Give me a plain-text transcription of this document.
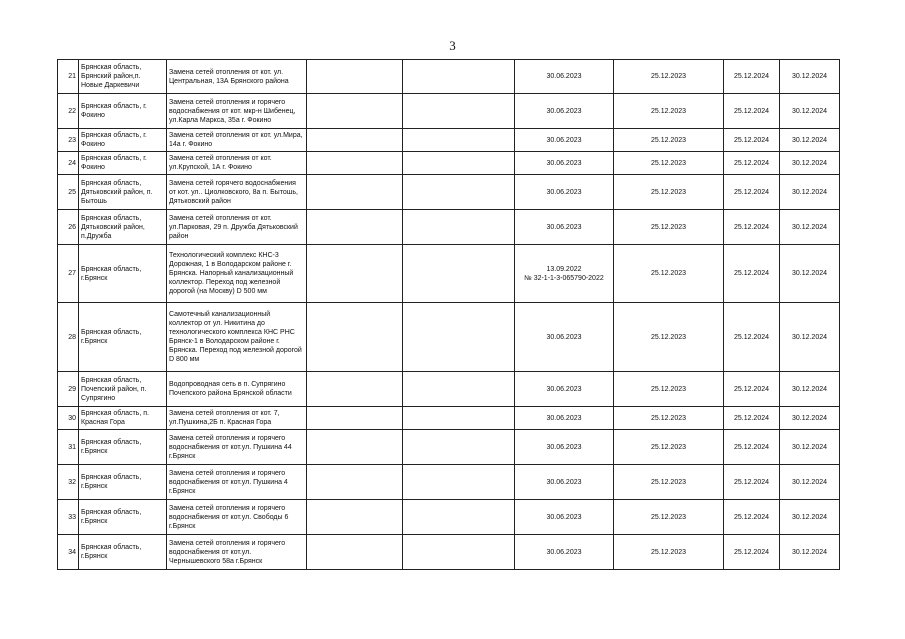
3
21	Брянская область, Брянский район,п. Новые Даркевичи	Замена сетей отопления от кот. ул. Центральная, 13А Брянского района			30.06.2023	25.12.2023	25.12.2024	30.12.2024
22	Брянская область, г. Фокино	Замена сетей отопления и горячего водоснабжения от кот. мкр-н Шибенец, ул.Карла Маркса, 35а г. Фокино			30.06.2023	25.12.2023	25.12.2024	30.12.2024
23	Брянская область, г. Фокино	Замена сетей отопления от кот. ул.Мира, 14а г. Фокино			30.06.2023	25.12.2023	25.12.2024	30.12.2024
24	Брянская область, г. Фокино	Замена сетей отопления от кот. ул.Крупской, 1А г. Фокино			30.06.2023	25.12.2023	25.12.2024	30.12.2024
25	Брянская область, Дятьковский район, п. Бытошь	Замена сетей горячего водоснабжения от кот. ул.. Циолковского, 8а п. Бытошь, Дятьковский район			30.06.2023	25.12.2023	25.12.2024	30.12.2024
26	Брянская область, Дятьковский район, п.Дружба	Замена сетей отопления от кот. ул.Парковая, 29 п. Дружба Дятьковский район			30.06.2023	25.12.2023	25.12.2024	30.12.2024
27	Брянская область, г.Брянск	Технологический комплекс КНС-3 Дорожная, 1 в Володарском районе г. Брянска. Напорный канализационный коллектор. Переход под железной дорогой (на Москву) D 500 мм			13.09.2022
№ 32-1-1-3-065790-2022	25.12.2023	25.12.2024	30.12.2024
28	Брянская область, г.Брянск	Самотечный канализационный коллектор от ул. Никитина до технологического комплекса КНС РНС Брянск-1 в Володарском районе г. Брянска. Переход под железной дорогой D 800 мм			30.06.2023	25.12.2023	25.12.2024	30.12.2024
29	Брянская область, Почепский район, п. Супрягино	Водопроводная сеть в п. Супрягино Почепского района Брянской области			30.06.2023	25.12.2023	25.12.2024	30.12.2024
30	Брянская область, п. Красная Гора	Замена сетей отопления от кот. 7, ул.Пушкина,2Б п. Красная Гора			30.06.2023	25.12.2023	25.12.2024	30.12.2024
31	Брянская область, г.Брянск	Замена сетей отопления и горячего водоснабжения от кот.ул. Пушкина 44 г.Брянск			30.06.2023	25.12.2023	25.12.2024	30.12.2024
32	Брянская область, г.Брянск	Замена сетей отопления и горячего водоснабжения от кот.ул. Пушкина 4 г.Брянск			30.06.2023	25.12.2023	25.12.2024	30.12.2024
33	Брянская область, г.Брянск	Замена сетей отопления и горячего водоснабжения от кот.ул. Свободы 6 г.Брянск			30.06.2023	25.12.2023	25.12.2024	30.12.2024
34	Брянская область, г.Брянск	Замена сетей отопления и горячего водоснабжения от кот.ул. Чернышевского 58а г.Брянск			30.06.2023	25.12.2023	25.12.2024	30.12.2024
